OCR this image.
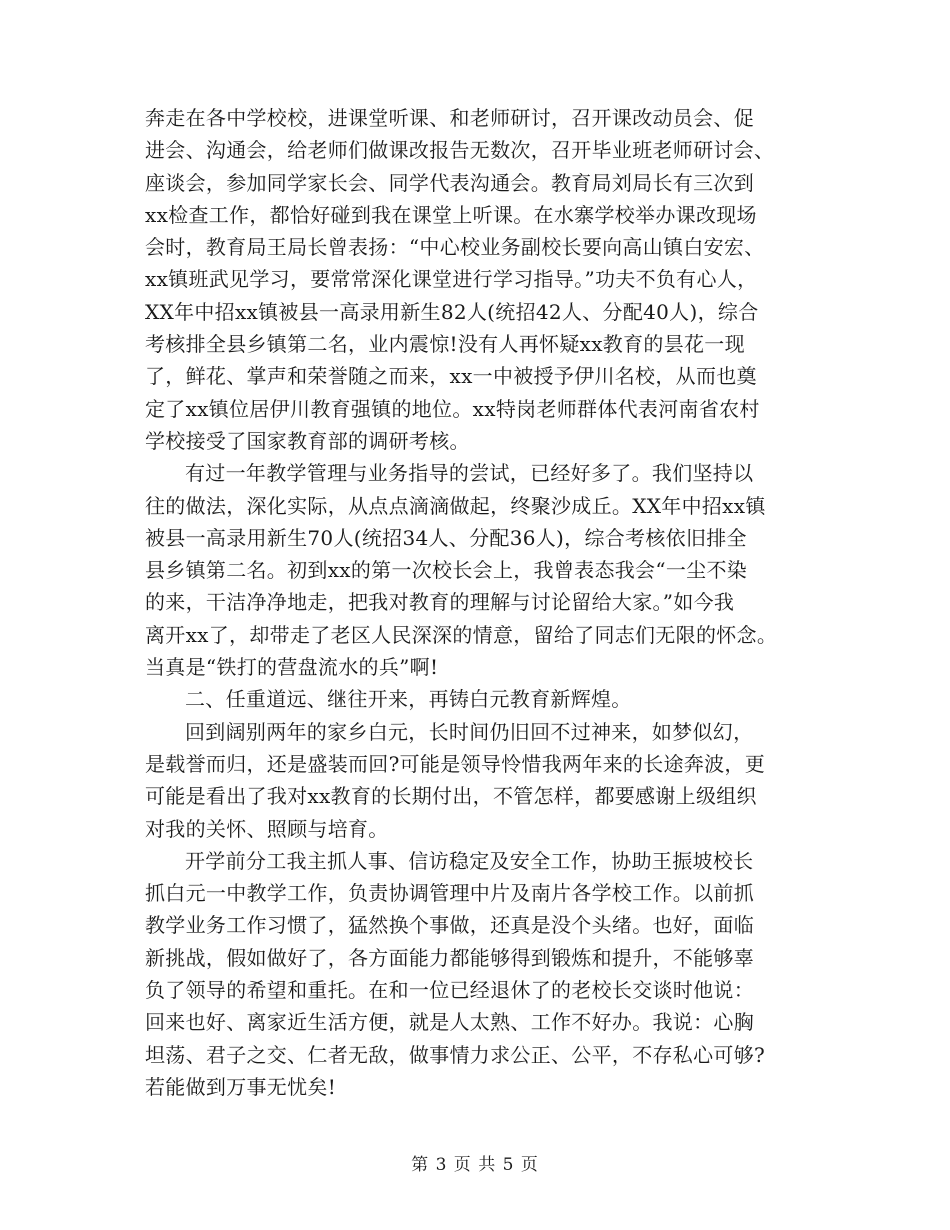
奔走在各中学校校，进课堂听课、和老师研讨，召开课改动员会、促
进会、沟通会，给老师们做课改报告无数次，召开毕业班老师研讨会、
座谈会，参加同学家长会、同学代表沟通会。教育局刘局长有三次到
xx检查工作，都恰好碰到我在课堂上听课。在水寨学校举办课改现场
会时，教育局王局长曾表扬：“中心校业务副校长要向高山镇白安宏、
xx镇班武见学习，要常常深化课堂进行学习指导。”功夫不负有心人，
XX年中招xx镇被县一高录用新生82人(统招42人、分配40人)，综合
考核排全县乡镇第二名，业内震惊!没有人再怀疑xx教育的昙花一现
了，鲜花、掌声和荣誉随之而来，xx一中被授予伊川名校，从而也奠
定了xx镇位居伊川教育强镇的地位。xx特岗老师群体代表河南省农村
学校接受了国家教育部的调研考核。
有过一年教学管理与业务指导的尝试，已经好多了。我们坚持以
往的做法，深化实际，从点点滴滴做起，终聚沙成丘。XX年中招xx镇
被县一高录用新生70人(统招34人、分配36人)，综合考核依旧排全
县乡镇第二名。初到xx的第一次校长会上，我曾表态我会“一尘不染
的来，干洁净净地走，把我对教育的理解与讨论留给大家。”如今我
离开xx了，却带走了老区人民深深的情意，留给了同志们无限的怀念。
当真是“铁打的营盘流水的兵”啊!
二、任重道远、继往开来，再铸白元教育新辉煌。
回到阔别两年的家乡白元，长时间仍旧回不过神来，如梦似幻，
是载誉而归，还是盛装而回?可能是领导怜惜我两年来的长途奔波，更
可能是看出了我对xx教育的长期付出，不管怎样，都要感谢上级组织
对我的关怀、照顾与培育。
开学前分工我主抓人事、信访稳定及安全工作，协助王振坡校长
抓白元一中教学工作，负责协调管理中片及南片各学校工作。以前抓
教学业务工作习惯了，猛然换个事做，还真是没个头绪。也好，面临
新挑战，假如做好了，各方面能力都能够得到锻炼和提升，不能够辜
负了领导的希望和重托。在和一位已经退休了的老校长交谈时他说：
回来也好、离家近生活方便，就是人太熟、工作不好办。我说：心胸
坦荡、君子之交、仁者无敌，做事情力求公正、公平，不存私心可够?
若能做到万事无忧矣!
第 3 页 共 5 页
